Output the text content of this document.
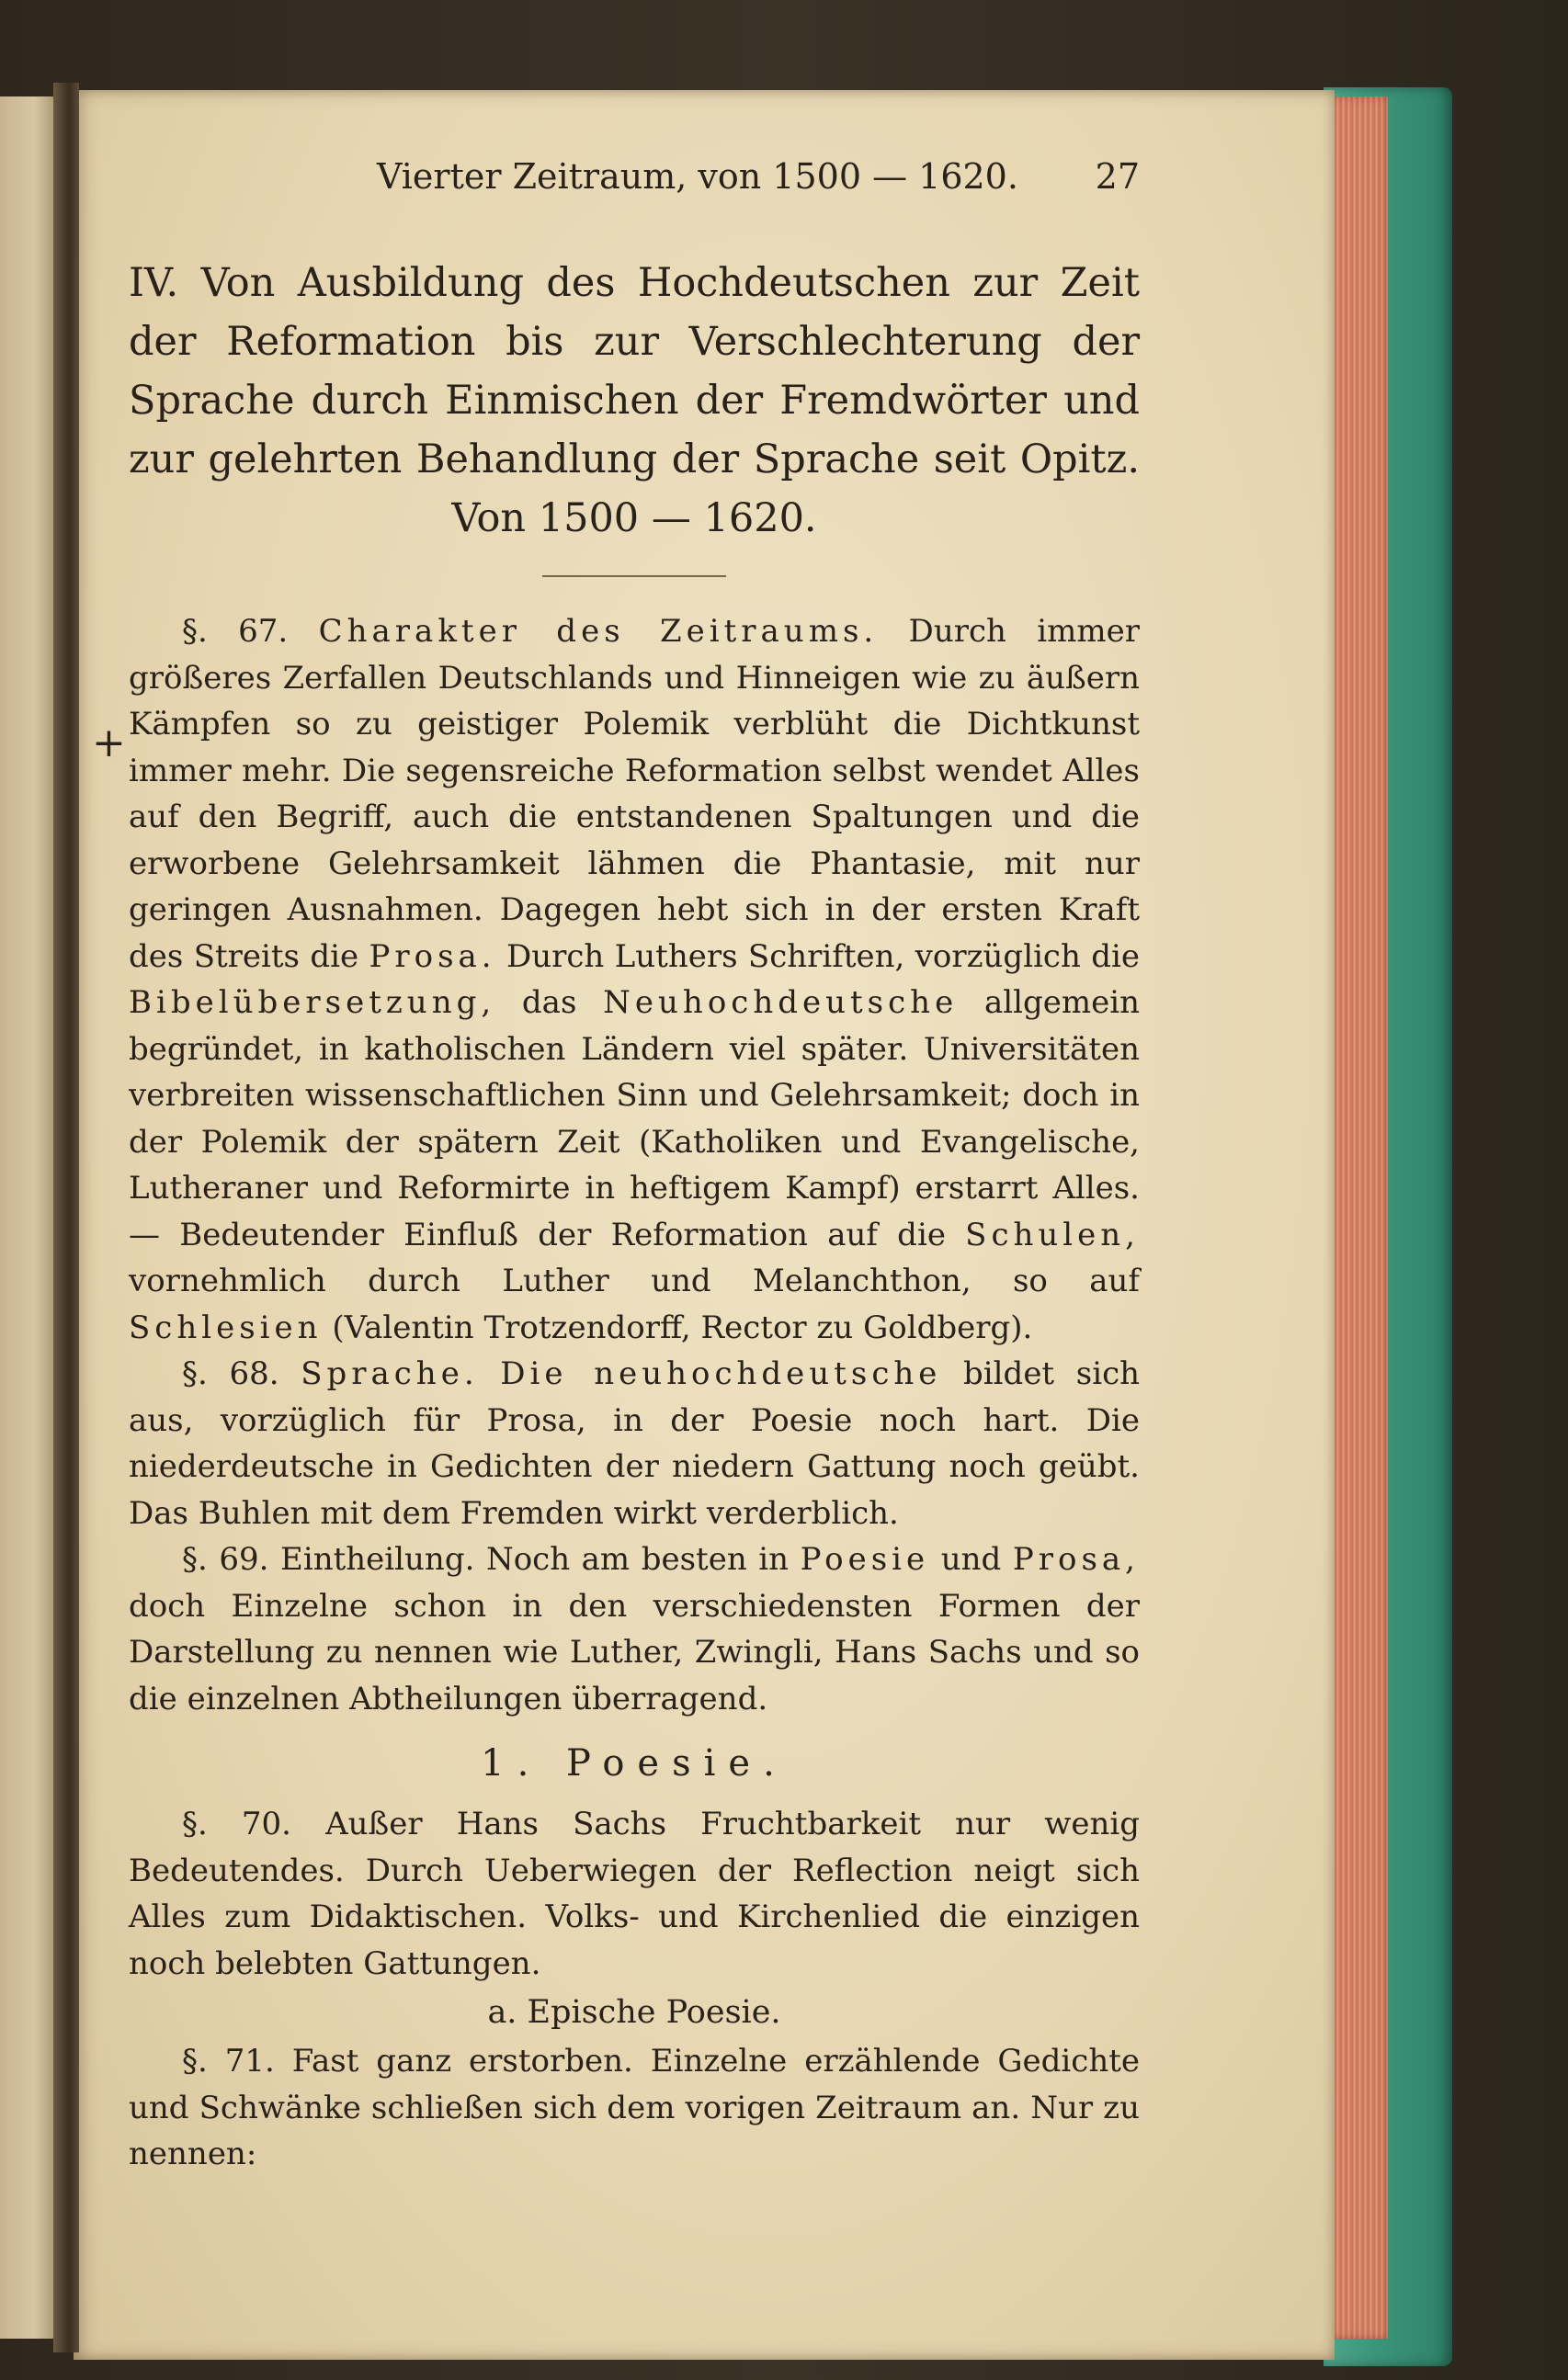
+
Vierter Zeitraum, von 1500 — 1620. 27
IV. Von Ausbildung des Hochdeutschen zur Zeit der Reformation bis zur Verschlechterung der Sprache durch Einmischen der Fremdwörter und zur gelehrten Behandlung der Sprache seit Opitz. Von 1500 — 1620.

§. 67. Charakter des Zeitraums. Durch immer größeres Zerfallen Deutschlands und Hinneigen wie zu äußern Kämpfen so zu geistiger Polemik verblüht die Dichtkunst immer mehr. Die segensreiche Reformation selbst wendet Alles auf den Begriff, auch die entstandenen Spaltungen und die erworbene Gelehrsamkeit lähmen die Phantasie, mit nur geringen Ausnahmen. Dagegen hebt sich in der ersten Kraft des Streits die Prosa. Durch Luthers Schriften, vorzüglich die Bibelübersetzung, das Neuhochdeutsche allgemein begründet, in katholischen Ländern viel später. Universitäten verbreiten wissenschaftlichen Sinn und Gelehrsamkeit; doch in der Polemik der spätern Zeit (Katholiken und Evangelische, Lutheraner und Reformirte in heftigem Kampf) erstarrt Alles. — Bedeutender Einfluß der Reformation auf die Schulen, vornehmlich durch Luther und Melanchthon, so auf Schlesien (Valentin Trotzendorff, Rector zu Goldberg).

§. 68. Sprache. Die neuhochdeutsche bildet sich aus, vorzüglich für Prosa, in der Poesie noch hart. Die niederdeutsche in Gedichten der niedern Gattung noch geübt. Das Buhlen mit dem Fremden wirkt verderblich.

§. 69. Eintheilung. Noch am besten in Poesie und Prosa, doch Einzelne schon in den verschiedensten Formen der Darstellung zu nennen wie Luther, Zwingli, Hans Sachs und so die einzelnen Abtheilungen überragend.

1. Poesie.

§. 70. Außer Hans Sachs Fruchtbarkeit nur wenig Bedeutendes. Durch Ueberwiegen der Reflection neigt sich Alles zum Didaktischen. Volks- und Kirchenlied die einzigen noch belebten Gattungen.

a. Epische Poesie.

§. 71. Fast ganz erstorben. Einzelne erzählende Gedichte und Schwänke schließen sich dem vorigen Zeitraum an. Nur zu nennen:
